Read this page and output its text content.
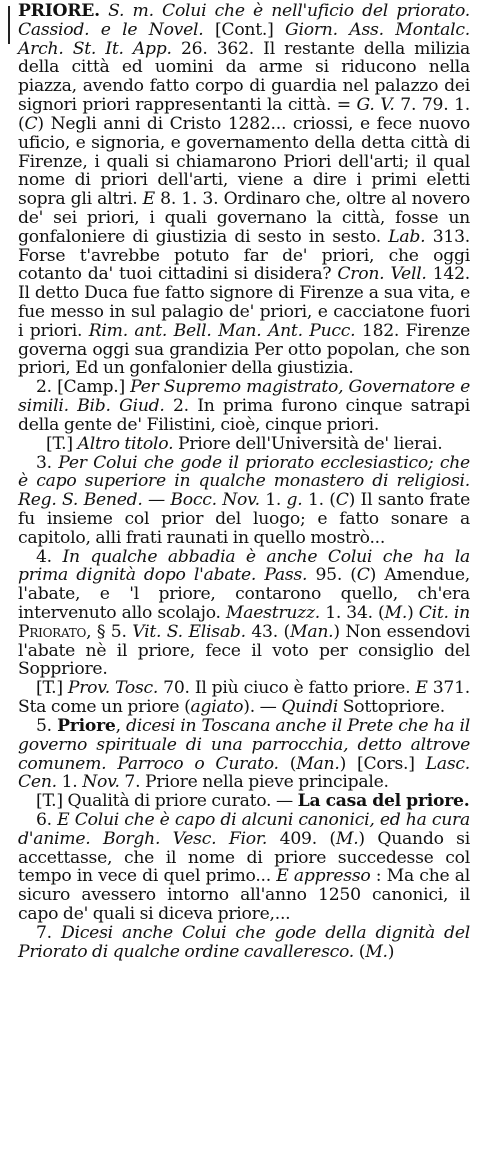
PRIORE. S. m. Colui che è nell'uficio del priorato. Cassiod. e le Novel. [Cont.] Giorn. Ass. Montalc. Arch. St. It. App. 26. 362. Il restante della milizia della città ed uomini da arme si riducono nella piazza, avendo fatto corpo di guardia nel palazzo dei signori priori rappresentanti la città. = G. V. 7. 79. 1. (C) Negli anni di Cristo 1282... criossi, e fece nuovo uficio, e signoria, e governamento della detta città di Firenze, i quali si chiamarono Priori dell'arti; il qual nome di priori dell'arti, viene a dire i primi eletti sopra gli altri. E 8. 1. 3. Ordinaro che, oltre al novero de' sei priori, i quali governano la città, fosse un gonfaloniere di giustizia di sesto in sesto. Lab. 313. Forse t'avrebbe potuto far de' priori, che oggi cotanto da' tuoi cittadini si disidera? Cron. Vell. 142. Il detto Duca fue fatto signore di Firenze a sua vita, e fue messo in sul palagio de' priori, e cacciatone fuori i priori. Rim. ant. Bell. Man. Ant. Pucc. 182. Firenze governa oggi sua grandizia Per otto popolan, che son priori, Ed un gonfalonier della giustizia.

2. [Camp.] Per Supremo magistrato, Governatore e simili. Bib. Giud. 2. In prima furono cinque satrapi della gente de' Filistini, cioè, cinque priori.

[T.] Altro titolo. Priore dell'Università de' lierai.

3. Per Colui che gode il priorato ecclesiastico; che è capo superiore in qualche monastero di religiosi. Reg. S. Bened. — Bocc. Nov. 1. g. 1. (C) Il santo frate fu insieme col prior del luogo; e fatto sonare a capitolo, alli frati raunati in quello mostrò...

4. In qualche abbadia è anche Colui che ha la prima dignità dopo l'abate. Pass. 95. (C) Amendue, l'abate, e 'l priore, contarono quello, ch'era intervenuto allo scolajo. Maestruzz. 1. 34. (M.) Cit. in Priorato, § 5. Vit. S. Elisab. 43. (Man.) Non essendovi l'abate nè il priore, fece il voto per consiglio del Soppriore.

[T.] Prov. Tosc. 70. Il più ciuco è fatto priore. E 371. Sta come un priore (agiato). — Quindi Sottopriore.

5. Priore, dicesi in Toscana anche il Prete che ha il governo spirituale di una parrocchia, detto altrove comunem. Parroco o Curato. (Man.) [Cors.] Lasc. Cen. 1. Nov. 7. Priore nella pieve principale.

[T.] Qualità di priore curato. — La casa del priore.

6. E Colui che è capo di alcuni canonici, ed ha cura d'anime. Borgh. Vesc. Fior. 409. (M.) Quando si accettasse, che il nome di priore succedesse col tempo in vece di quel primo... E appresso : Ma che al sicuro avessero intorno all'anno 1250 canonici, il capo de' quali si diceva priore,...

7. Dicesi anche Colui che gode della dignità del Priorato di qualche ordine cavalleresco. (M.)
